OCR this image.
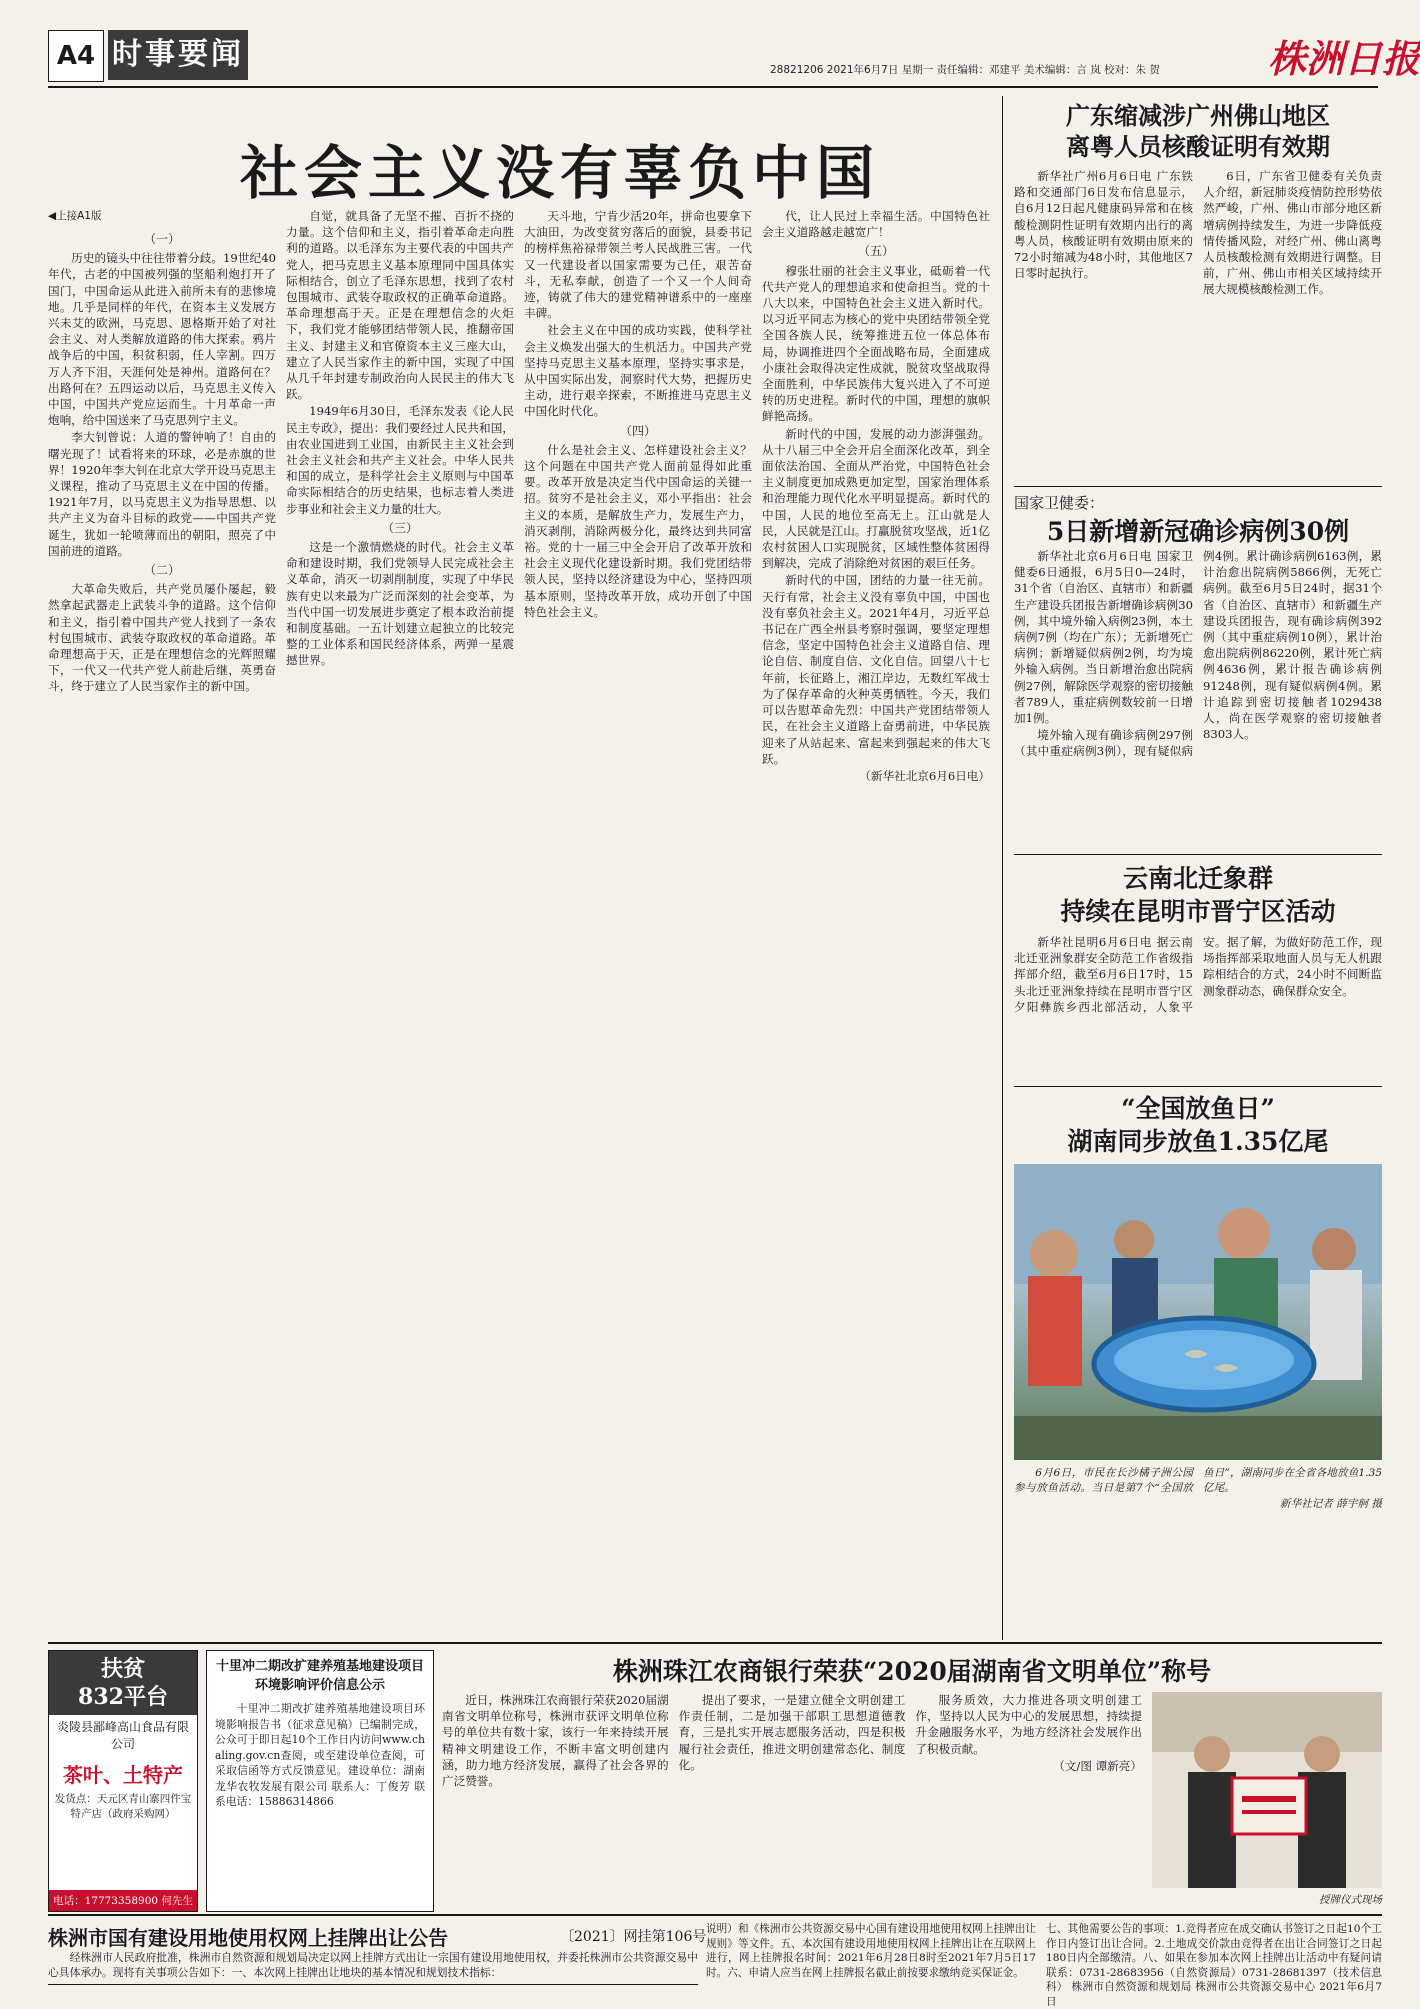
A4 时事要闻	28821206 2021年6月7日 星期一 责任编辑：邓建平 美术编辑：言 岚 校对：朱 贺	株洲日报
社会主义没有辜负中国
◀上接A1版
（一）

历史的镜头中往往带着分歧。19世纪40年代，古老的中国被列强的坚船利炮打开了国门，中国命运从此进入前所未有的悲惨境地。几乎是同样的年代，在资本主义发展方兴未艾的欧洲，马克思、恩格斯开始了对社会主义、对人类解放道路的伟大探索。鸦片战争后的中国，积贫积弱，任人宰割。四万万人齐下泪，天涯何处是神州。道路何在？出路何在？五四运动以后，马克思主义传入中国，中国共产党应运而生。十月革命一声炮响，给中国送来了马克思列宁主义。

李大钊曾说：人道的警钟响了！自由的曙光现了！试看将来的环球，必是赤旗的世界！1920年李大钊在北京大学开设马克思主义课程，推动了马克思主义在中国的传播。1921年7月，以马克思主义为指导思想、以共产主义为奋斗目标的政党——中国共产党诞生，犹如一轮喷薄而出的朝阳，照亮了中国前进的道路。

（二）

大革命失败后，共产党员屡仆屡起，毅然拿起武器走上武装斗争的道路。这个信仰和主义，指引着中国共产党人找到了一条农村包围城市、武装夺取政权的革命道路。革命理想高于天，正是在理想信念的光辉照耀下，一代又一代共产党人前赴后继，英勇奋斗，终于建立了人民当家作主的新中国。

自觉，就具备了无坚不摧、百折不挠的力量。这个信仰和主义，指引着革命走向胜利的道路。以毛泽东为主要代表的中国共产党人，把马克思主义基本原理同中国具体实际相结合，创立了毛泽东思想，找到了农村包围城市、武装夺取政权的正确革命道路。革命理想高于天。正是在理想信念的火炬下，我们党才能够团结带领人民，推翻帝国主义、封建主义和官僚资本主义三座大山，建立了人民当家作主的新中国，实现了中国从几千年封建专制政治向人民民主的伟大飞跃。

1949年6月30日，毛泽东发表《论人民民主专政》，提出：我们要经过人民共和国，由农业国进到工业国，由新民主主义社会到社会主义社会和共产主义社会。中华人民共和国的成立，是科学社会主义原则与中国革命实际相结合的历史结果，也标志着人类进步事业和社会主义力量的壮大。

（三）

这是一个激情燃烧的时代。社会主义革命和建设时期，我们党领导人民完成社会主义革命，消灭一切剥削制度，实现了中华民族有史以来最为广泛而深刻的社会变革，为当代中国一切发展进步奠定了根本政治前提和制度基础。一五计划建立起独立的比较完整的工业体系和国民经济体系，两弹一星震撼世界。

天斗地，宁肯少活20年，拼命也要拿下大油田，为改变贫穷落后的面貌，县委书记的榜样焦裕禄带领兰考人民战胜三害。一代又一代建设者以国家需要为己任，艰苦奋斗，无私奉献，创造了一个又一个人间奇迹，铸就了伟大的建党精神谱系中的一座座丰碑。

社会主义在中国的成功实践，使科学社会主义焕发出强大的生机活力。中国共产党坚持马克思主义基本原理，坚持实事求是，从中国实际出发，洞察时代大势，把握历史主动，进行艰辛探索，不断推进马克思主义中国化时代化。

（四）

什么是社会主义、怎样建设社会主义？这个问题在中国共产党人面前显得如此重要。改革开放是决定当代中国命运的关键一招。贫穷不是社会主义，邓小平指出：社会主义的本质，是解放生产力，发展生产力，消灭剥削，消除两极分化，最终达到共同富裕。党的十一届三中全会开启了改革开放和社会主义现代化建设新时期。我们党团结带领人民，坚持以经济建设为中心，坚持四项基本原则，坚持改革开放，成功开创了中国特色社会主义。

代，让人民过上幸福生活。中国特色社会主义道路越走越宽广！

（五）

穆张壮丽的社会主义事业，砥砺着一代代共产党人的理想追求和使命担当。党的十八大以来，中国特色社会主义进入新时代。以习近平同志为核心的党中央团结带领全党全国各族人民，统筹推进五位一体总体布局，协调推进四个全面战略布局，全面建成小康社会取得决定性成就，脱贫攻坚战取得全面胜利，中华民族伟大复兴进入了不可逆转的历史进程。新时代的中国，理想的旗帜鲜艳高扬。

新时代的中国，发展的动力澎湃强劲。从十八届三中全会开启全面深化改革，到全面依法治国、全面从严治党，中国特色社会主义制度更加成熟更加定型，国家治理体系和治理能力现代化水平明显提高。新时代的中国，人民的地位至高无上。江山就是人民，人民就是江山。打赢脱贫攻坚战，近1亿农村贫困人口实现脱贫，区域性整体贫困得到解决，完成了消除绝对贫困的艰巨任务。

新时代的中国，团结的力量一往无前。天行有常，社会主义没有辜负中国，中国也没有辜负社会主义。2021年4月，习近平总书记在广西全州县考察时强调，要坚定理想信念，坚定中国特色社会主义道路自信、理论自信、制度自信、文化自信。回望八十七年前，长征路上，湘江岸边，无数红军战士为了保存革命的火种英勇牺牲。今天，我们可以告慰革命先烈：中国共产党团结带领人民，在社会主义道路上奋勇前进，中华民族迎来了从站起来、富起来到强起来的伟大飞跃。

（新华社北京6月6日电）
广东缩减涉广州佛山地区
离粤人员核酸证明有效期

新华社广州6月6日电 广东铁路和交通部门6日发布信息显示，自6月12日起凡健康码异常和在核酸检测阴性证明有效期内出行的离粤人员，核酸证明有效期由原来的72小时缩减为48小时，其他地区7日零时起执行。

6日，广东省卫健委有关负责人介绍，新冠肺炎疫情防控形势依然严峻，广州、佛山市部分地区新增病例持续发生，为进一步降低疫情传播风险，对经广州、佛山离粤人员核酸检测有效期进行调整。目前，广州、佛山市相关区域持续开展大规模核酸检测工作。

国家卫健委：
5日新增新冠确诊病例30例

新华社北京6月6日电 国家卫健委6日通报，6月5日0—24时，31个省（自治区、直辖市）和新疆生产建设兵团报告新增确诊病例30例，其中境外输入病例23例，本土病例7例（均在广东）；无新增死亡病例；新增疑似病例2例，均为境外输入病例。当日新增治愈出院病例27例，解除医学观察的密切接触者789人，重症病例数较前一日增加1例。

境外输入现有确诊病例297例（其中重症病例3例），现有疑似病例4例。累计确诊病例6163例，累计治愈出院病例5866例，无死亡病例。截至6月5日24时，据31个省（自治区、直辖市）和新疆生产建设兵团报告，现有确诊病例392例（其中重症病例10例），累计治愈出院病例86220例，累计死亡病例4636例，累计报告确诊病例91248例，现有疑似病例4例。累计追踪到密切接触者1029438人，尚在医学观察的密切接触者8303人。

云南北迁象群
持续在昆明市晋宁区活动

新华社昆明6月6日电 据云南北迁亚洲象群安全防范工作省级指挥部介绍，截至6月6日17时，15头北迁亚洲象持续在昆明市晋宁区夕阳彝族乡西北部活动，人象平安。据了解，为做好防范工作，现场指挥部采取地面人员与无人机跟踪相结合的方式，24小时不间断监测象群动态，确保群众安全。

“全国放鱼日”
湖南同步放鱼1.35亿尾

6月6日，市民在长沙橘子洲公园参与放鱼活动。当日是第7个“全国放鱼日”，湖南同步在全省各地放鱼1.35亿尾。

新华社记者 薛宇舸 摄
扶贫
832平台
炎陵县鄙峰高山食品有限公司
茶叶、土特产
发货点：天元区青山寨四件宝特产店（政府采购网）
电话：17773358900 何先生
十里冲二期改扩建养殖基地建设项目环境影响评价信息公示
十里冲二期改扩建养殖基地建设项目环境影响报告书（征求意见稿）已编制完成，公众可于即日起10个工作日内访问www.chaling.gov.cn查阅，或至建设单位查阅，可采取信函等方式反馈意见。建设单位：湖南龙华农牧发展有限公司 联系人：丁俊芳 联系电话：15886314866
株洲珠江农商银行荣获“2020届湖南省文明单位”称号

近日，株洲珠江农商银行荣获2020届湖南省文明单位称号，株洲市获评文明单位称号的单位共有数十家，该行一年来持续开展精神文明建设工作，不断丰富文明创建内涵，助力地方经济发展，赢得了社会各界的广泛赞誉。

提出了要求，一是建立健全文明创建工作责任制，二是加强干部职工思想道德教育，三是扎实开展志愿服务活动，四是积极履行社会责任，推进文明创建常态化、制度化。

服务质效，大力推进各项文明创建工作，坚持以人民为中心的发展思想，持续提升金融服务水平，为地方经济社会发展作出了积极贡献。

（文/图 谭新亮）
授牌仪式现场
株洲市国有建设用地使用权网上挂牌出让公告	〔2021〕网挂第106号

经株洲市人民政府批准，株洲市自然资源和规划局决定以网上挂牌方式出让一宗国有建设用地使用权，并委托株洲市公共资源交易中心具体承办。现将有关事项公告如下：一、本次网上挂牌出让地块的基本情况和规划技术指标：

说明）和《株洲市公共资源交易中心国有建设用地使用权网上挂牌出让规则》等文件。五、本次国有建设用地使用权网上挂牌出让在互联网上进行，网上挂牌报名时间：2021年6月28日8时至2021年7月5日17时。六、申请人应当在网上挂牌报名截止前按要求缴纳竞买保证金。
七、其他需要公告的事项：1.竞得者应在成交确认书签订之日起10个工作日内签订出让合同。2.土地成交价款由竞得者在出让合同签订之日起180日内全部缴清。八、如果在参加本次网上挂牌出让活动中有疑问请联系：0731-28683956（自然资源局）0731-28681397（技术信息科） 株洲市自然资源和规划局 株洲市公共资源交易中心 2021年6月7日
